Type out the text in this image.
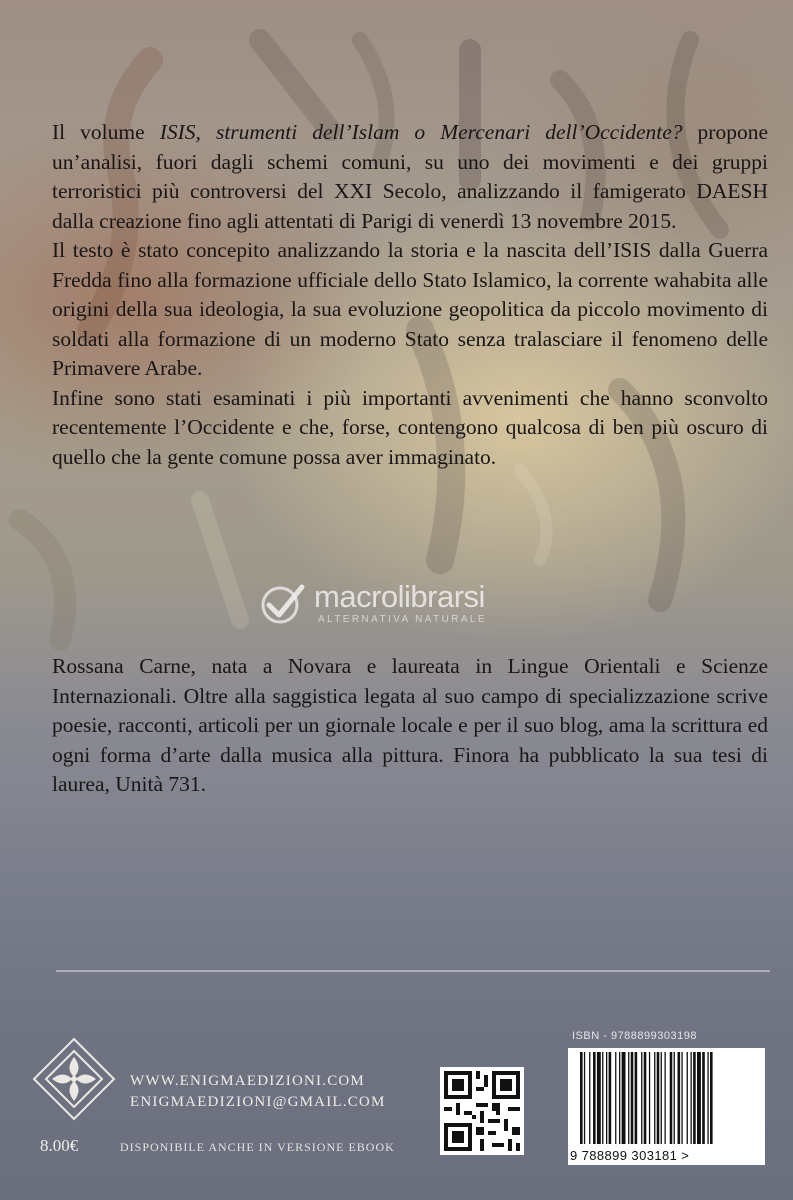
Il volume ISIS, strumenti dell’Islam o Mercenari dell’Occidente? propone un’analisi, fuori dagli schemi comuni, su uno dei movimenti e dei gruppi terroristici più controversi del XXI Secolo, analizzando il famigerato DAESH dalla creazione fino agli attentati di Parigi di venerdì 13 novembre 2015.

Il testo è stato concepito analizzando la storia e la nascita dell’ISIS dalla Guerra Fredda fino alla formazione ufficiale dello Stato Islamico, la corrente wahabita alle origini della sua ideologia, la sua evoluzione geopolitica da piccolo movimento di soldati alla formazione di un moderno Stato senza tralasciare il fenomeno delle Primavere Arabe.

Infine sono stati esaminati i più importanti avvenimenti che hanno sconvolto recentemente l’Occidente e che, forse, contengono qualcosa di ben più oscuro di quello che la gente comune possa aver immaginato.

macrolibrarsi
ALTERNATIVA NATURALE
Rossana Carne, nata a Novara e laureata in Lingue Orientali e Scienze Internazionali. Oltre alla saggistica legata al suo campo di specializzazione scrive poesie, racconti, articoli per un giornale locale e per il suo blog, ama la scrittura ed ogni forma d’arte dalla musica alla pittura. Finora ha pubblicato la sua tesi di laurea, Unità 731.
WWW.ENIGMAEDIZIONI.COM
ENIGMAEDIZIONI@GMAIL.COM
8.00€	DISPONIBILE ANCHE IN VERSIONE EBOOK
ISBN - 9788899303198
9 788899 303181 >
